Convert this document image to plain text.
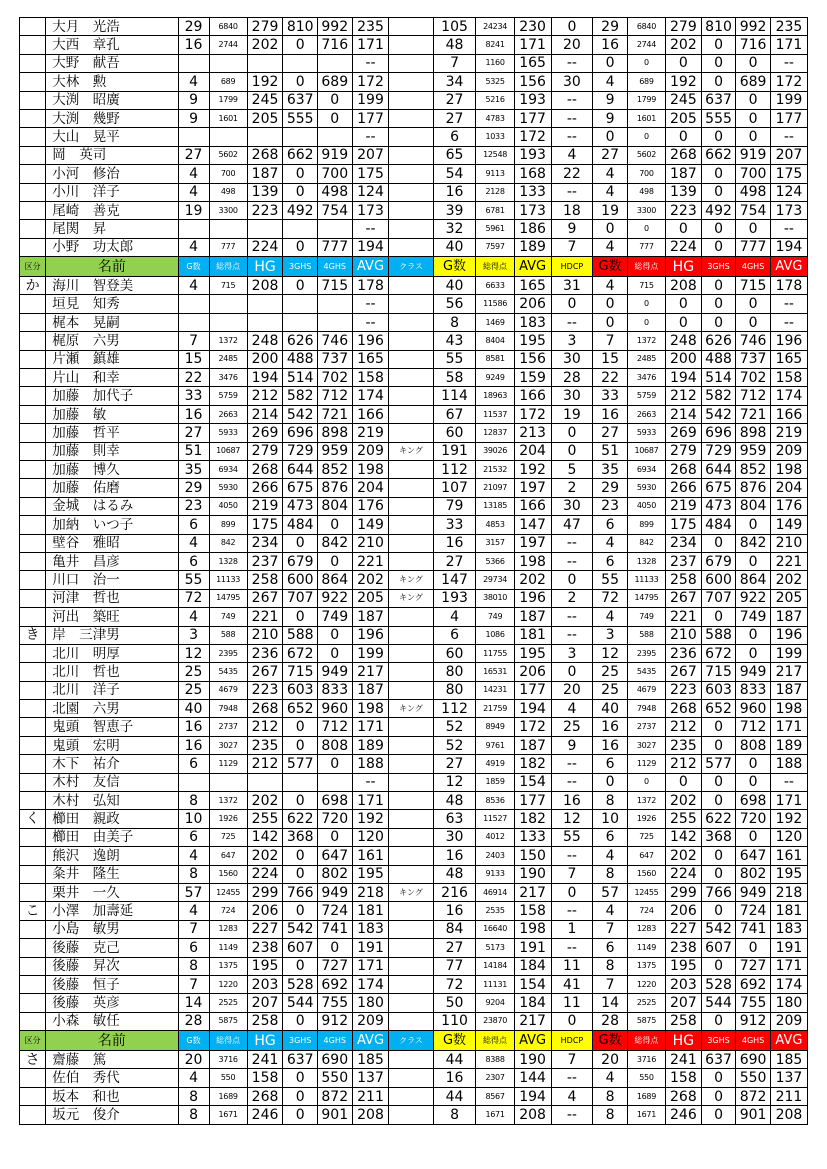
	大月　光浩	29	6840	279	810	992	235		105	24234	230	0	29	6840	279	810	992	235
	大西　章孔	16	2744	202	0	716	171		48	8241	171	20	16	2744	202	0	716	171
	大野　献吾						--		7	1160	165	--	0	0	0	0	0	--
	大林　勲	4	689	192	0	689	172		34	5325	156	30	4	689	192	0	689	172
	大渕　昭廣	9	1799	245	637	0	199		27	5216	193	--	9	1799	245	637	0	199
	大渕　幾野	9	1601	205	555	0	177		27	4783	177	--	9	1601	205	555	0	177
	大山　晃平						--		6	1033	172	--	0	0	0	0	0	--
	岡　英司	27	5602	268	662	919	207		65	12548	193	4	27	5602	268	662	919	207
	小河　修治	4	700	187	0	700	175		54	9113	168	22	4	700	187	0	700	175
	小川　洋子	4	498	139	0	498	124		16	2128	133	--	4	498	139	0	498	124
	尾崎　善克	19	3300	223	492	754	173		39	6781	173	18	19	3300	223	492	754	173
	尾関　昇						--		32	5961	186	9	0	0	0	0	0	--
	小野　功太郎	4	777	224	0	777	194		40	7597	189	7	4	777	224	0	777	194
区分	名前	G数	総得点	HG	3GHS	4GHS	AVG	クラス	G数	総得点	AVG	HDCP	G数	総得点	HG	3GHS	4GHS	AVG
か	海川　智登美	4	715	208	0	715	178		40	6633	165	31	4	715	208	0	715	178
	垣見　知秀						--		56	11586	206	0	0	0	0	0	0	--
	梶本　晃嗣						--		8	1469	183	--	0	0	0	0	0	--
	梶原　六男	7	1372	248	626	746	196		43	8404	195	3	7	1372	248	626	746	196
	片瀬　鎮雄	15	2485	200	488	737	165		55	8581	156	30	15	2485	200	488	737	165
	片山　和幸	22	3476	194	514	702	158		58	9249	159	28	22	3476	194	514	702	158
	加藤　加代子	33	5759	212	582	712	174		114	18963	166	30	33	5759	212	582	712	174
	加藤　敏	16	2663	214	542	721	166		67	11537	172	19	16	2663	214	542	721	166
	加藤　哲平	27	5933	269	696	898	219		60	12837	213	0	27	5933	269	696	898	219
	加藤　則幸	51	10687	279	729	959	209	キング	191	39026	204	0	51	10687	279	729	959	209
	加藤　博久	35	6934	268	644	852	198		112	21532	192	5	35	6934	268	644	852	198
	加藤　佑磨	29	5930	266	675	876	204		107	21097	197	2	29	5930	266	675	876	204
	金城　はるみ	23	4050	219	473	804	176		79	13185	166	30	23	4050	219	473	804	176
	加納　いつ子	6	899	175	484	0	149		33	4853	147	47	6	899	175	484	0	149
	壁谷　雅昭	4	842	234	0	842	210		16	3157	197	--	4	842	234	0	842	210
	亀井　昌彦	6	1328	237	679	0	221		27	5366	198	--	6	1328	237	679	0	221
	川口　治一	55	11133	258	600	864	202	キング	147	29734	202	0	55	11133	258	600	864	202
	河津　哲也	72	14795	267	707	922	205	キング	193	38010	196	2	72	14795	267	707	922	205
	河出　築旺	4	749	221	0	749	187		4	749	187	--	4	749	221	0	749	187
き	岸　三津男	3	588	210	588	0	196		6	1086	181	--	3	588	210	588	0	196
	北川　明厚	12	2395	236	672	0	199		60	11755	195	3	12	2395	236	672	0	199
	北川　哲也	25	5435	267	715	949	217		80	16531	206	0	25	5435	267	715	949	217
	北川　洋子	25	4679	223	603	833	187		80	14231	177	20	25	4679	223	603	833	187
	北園　六男	40	7948	268	652	960	198	キング	112	21759	194	4	40	7948	268	652	960	198
	鬼頭　智恵子	16	2737	212	0	712	171		52	8949	172	25	16	2737	212	0	712	171
	鬼頭　宏明	16	3027	235	0	808	189		52	9761	187	9	16	3027	235	0	808	189
	木下　祐介	6	1129	212	577	0	188		27	4919	182	--	6	1129	212	577	0	188
	木村　友信						--		12	1859	154	--	0	0	0	0	0	--
	木村　弘知	8	1372	202	0	698	171		48	8536	177	16	8	1372	202	0	698	171
く	櫛田　親政	10	1926	255	622	720	192		63	11527	182	12	10	1926	255	622	720	192
	櫛田　由美子	6	725	142	368	0	120		30	4012	133	55	6	725	142	368	0	120
	熊沢　逸朗	4	647	202	0	647	161		16	2403	150	--	4	647	202	0	647	161
	粂井　隆生	8	1560	224	0	802	195		48	9133	190	7	8	1560	224	0	802	195
	栗井　一久	57	12455	299	766	949	218	キング	216	46914	217	0	57	12455	299	766	949	218
こ	小澤　加壽延	4	724	206	0	724	181		16	2535	158	--	4	724	206	0	724	181
	小島　敏男	7	1283	227	542	741	183		84	16640	198	1	7	1283	227	542	741	183
	後藤　克己	6	1149	238	607	0	191		27	5173	191	--	6	1149	238	607	0	191
	後藤　昇次	8	1375	195	0	727	171		77	14184	184	11	8	1375	195	0	727	171
	後藤　恒子	7	1220	203	528	692	174		72	11131	154	41	7	1220	203	528	692	174
	後藤　英彦	14	2525	207	544	755	180		50	9204	184	11	14	2525	207	544	755	180
	小森　敏任	28	5875	258	0	912	209		110	23870	217	0	28	5875	258	0	912	209
区分	名前	G数	総得点	HG	3GHS	4GHS	AVG	クラス	G数	総得点	AVG	HDCP	G数	総得点	HG	3GHS	4GHS	AVG
さ	齋藤　篤	20	3716	241	637	690	185		44	8388	190	7	20	3716	241	637	690	185
	佐伯　秀代	4	550	158	0	550	137		16	2307	144	--	4	550	158	0	550	137
	坂本　和也	8	1689	268	0	872	211		44	8567	194	4	8	1689	268	0	872	211
	坂元　俊介	8	1671	246	0	901	208		8	1671	208	--	8	1671	246	0	901	208
